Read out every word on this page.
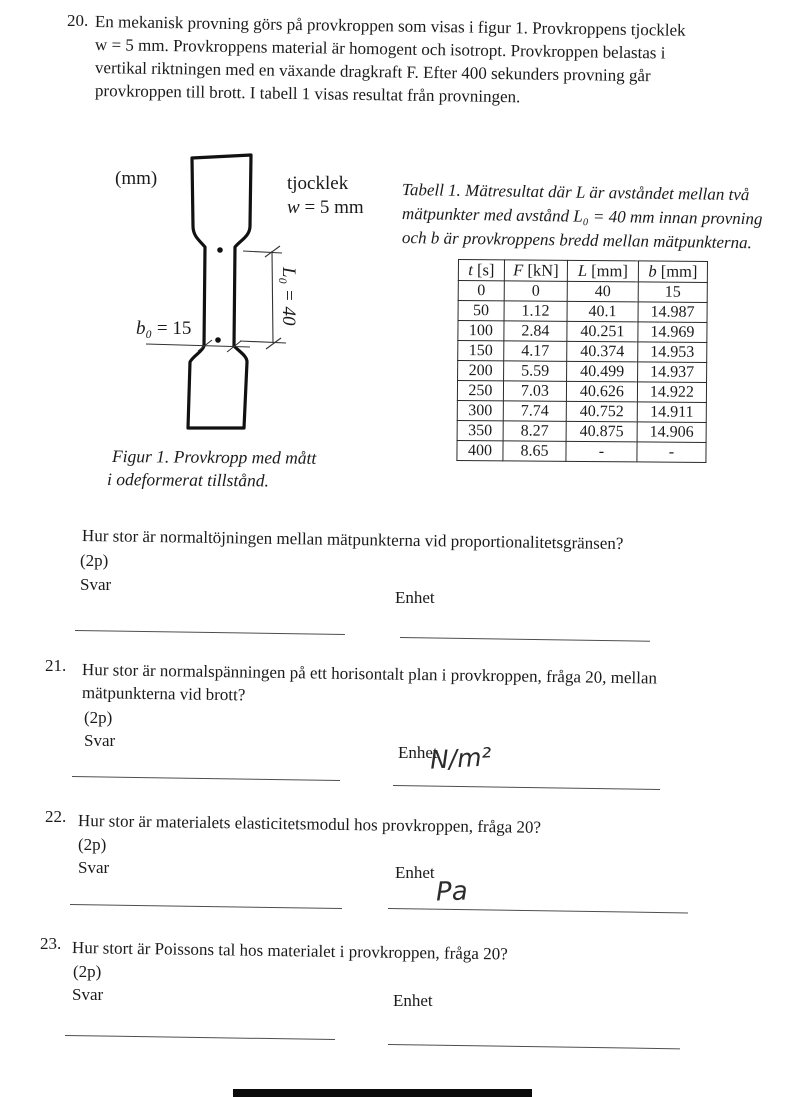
20. En mekanisk provning görs på provkroppen som visas i figur 1. Provkroppens tjocklek
w = 5 mm. Provkroppens material är homogent och isotropt. Provkroppen belastas i
vertikal riktningen med en växande dragkraft F. Efter 400 sekunders provning går
provkroppen till brott. I tabell 1 visas resultat från provningen.
(mm)	tjocklek
w = 5 mm
L₀ = 40
b₀ = 15
Figur 1. Provkropp med mått
i odeformerat tillstånd.
Tabell 1. Mätresultat där L är avståndet mellan två
mätpunkter med avstånd L₀ = 40 mm innan provning
och b är provkroppens bredd mellan mätpunkterna.
t [s]	F [kN]	L [mm]	b [mm]
0	0	40	15
50	1.12	40.1	14.987
100	2.84	40.251	14.969
150	4.17	40.374	14.953
200	5.59	40.499	14.937
250	7.03	40.626	14.922
300	7.74	40.752	14.911
350	8.27	40.875	14.906
400	8.65	-	-
Hur stor är normaltöjningen mellan mätpunkterna vid proportionalitetsgränsen?
(2p)
Svar
Enhet
21. Hur stor är normalspänningen på ett horisontalt plan i provkroppen, fråga 20, mellan
mätpunkterna vid brott?
(2p)
Svar
Enhet
N/m²
22. Hur stor är materialets elasticitetsmodul hos provkroppen, fråga 20?
(2p)
Svar	Enhet
Pa
23. Hur stort är Poissons tal hos materialet i provkroppen, fråga 20?
(2p)
Svar	Enhet
